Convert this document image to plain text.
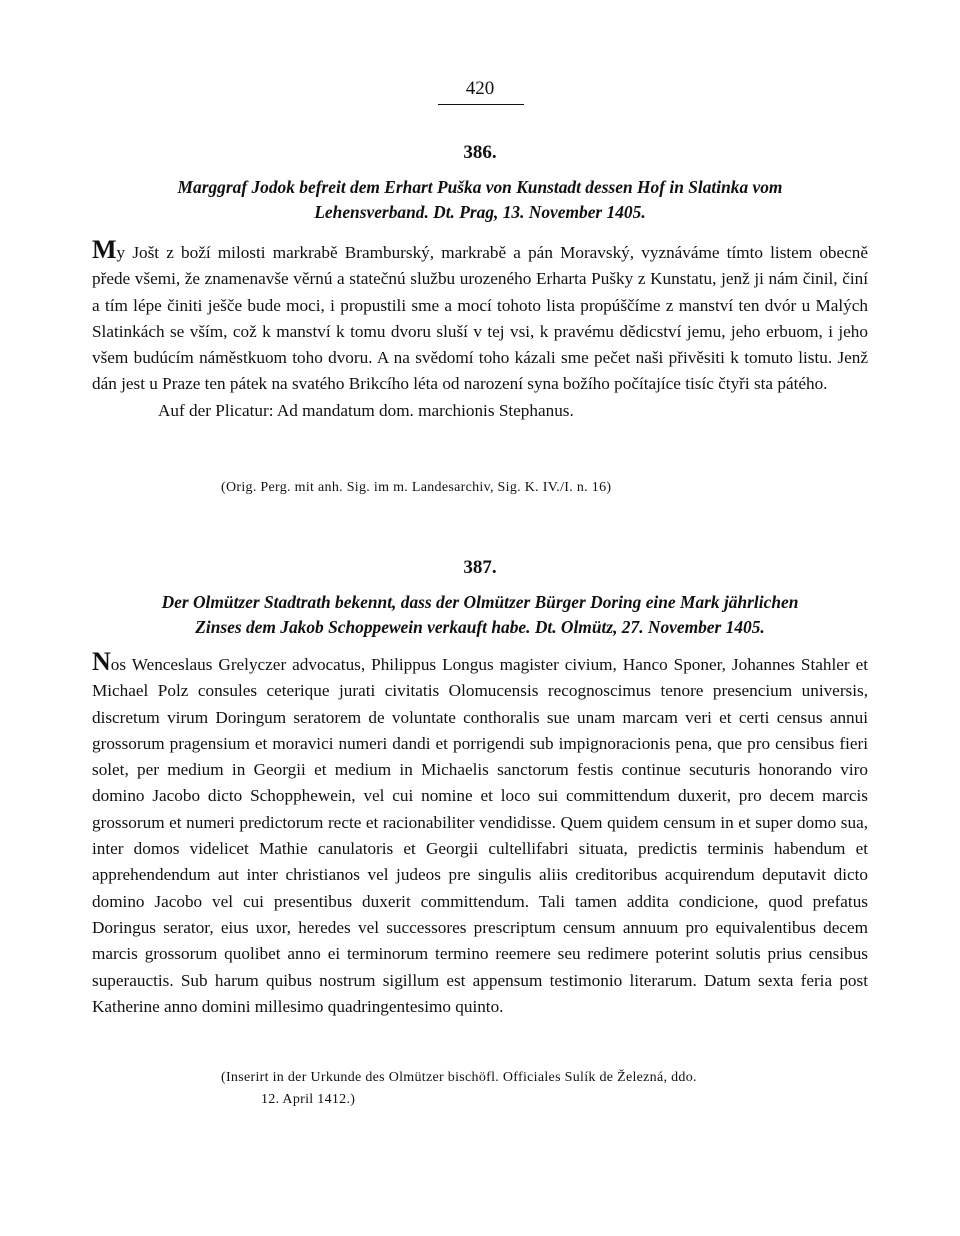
420
386.
Marggraf Jodok befreit dem Erhart Puška von Kunstadt dessen Hof in Slatinka vom
Lehensverband. Dt. Prag, 13. November 1405.

My Jošt z boží milosti markrabě Bramburský, markrabě a pán Moravský, vyznáváme tímto listem obecně přede všemi, že znamenavše věrnú a statečnú službu urozeného Erharta Pušky z Kunstatu, jenž ji nám činil, činí a tím lépe činiti ješče bude moci, i propustili sme a mocí tohoto lista propúščíme z manství ten dvór u Malých Slatinkách se vším, což k manství k tomu dvoru sluší v tej vsi, k pravému dědicství jemu, jeho erbuom, i jeho všem budúcím náměstkuom toho dvoru. A na svědomí toho kázali sme pečet naši přivěsiti k tomuto listu. Jenž dán jest u Praze ten pátek na svatého Brikcího léta od narození syna božího počítajíce tisíc čtyři sta pátého.

Auf der Plicatur: Ad mandatum dom. marchionis Stephanus.

(Orig. Perg. mit anh. Sig. im m. Landesarchiv, Sig. K. IV./I. n. 16)
387.
Der Olmützer Stadtrath bekennt, dass der Olmützer Bürger Doring eine Mark jährlichen
Zinses dem Jakob Schoppewein verkauft habe. Dt. Olmütz, 27. November 1405.

Nos Wenceslaus Grelyczer advocatus, Philippus Longus magister civium, Hanco Sponer, Johannes Stahler et Michael Polz consules ceterique jurati civitatis Olomucensis recognoscimus tenore presencium universis, discretum virum Doringum seratorem de voluntate conthoralis sue unam marcam veri et certi census annui grossorum pragensium et moravici numeri dandi et porrigendi sub impignoracionis pena, que pro censibus fieri solet, per medium in Georgii et medium in Michaelis sanctorum festis continue secuturis honorando viro domino Jacobo dicto Schopphewein, vel cui nomine et loco sui committendum duxerit, pro decem marcis grossorum et numeri predictorum recte et racionabiliter vendidisse. Quem quidem censum in et super domo sua, inter domos videlicet Mathie canulatoris et Georgii cultellifabri situata, predictis terminis habendum et apprehendendum aut inter christianos vel judeos pre singulis aliis creditoribus acquirendum deputavit dicto domino Jacobo vel cui presentibus duxerit committendum. Tali tamen addita condicione, quod prefatus Doringus serator, eius uxor, heredes vel successores prescriptum censum annuum pro equivalentibus decem marcis grossorum quolibet anno ei terminorum termino reemere seu redimere poterint solutis prius censibus superauctis. Sub harum quibus nostrum sigillum est appensum testimonio literarum. Datum sexta feria post Katherine anno domini millesimo quadringentesimo quinto.

(Inserirt in der Urkunde des Olmützer bischöfl. Officiales Sulík de Železná, ddo.
12. April 1412.)
